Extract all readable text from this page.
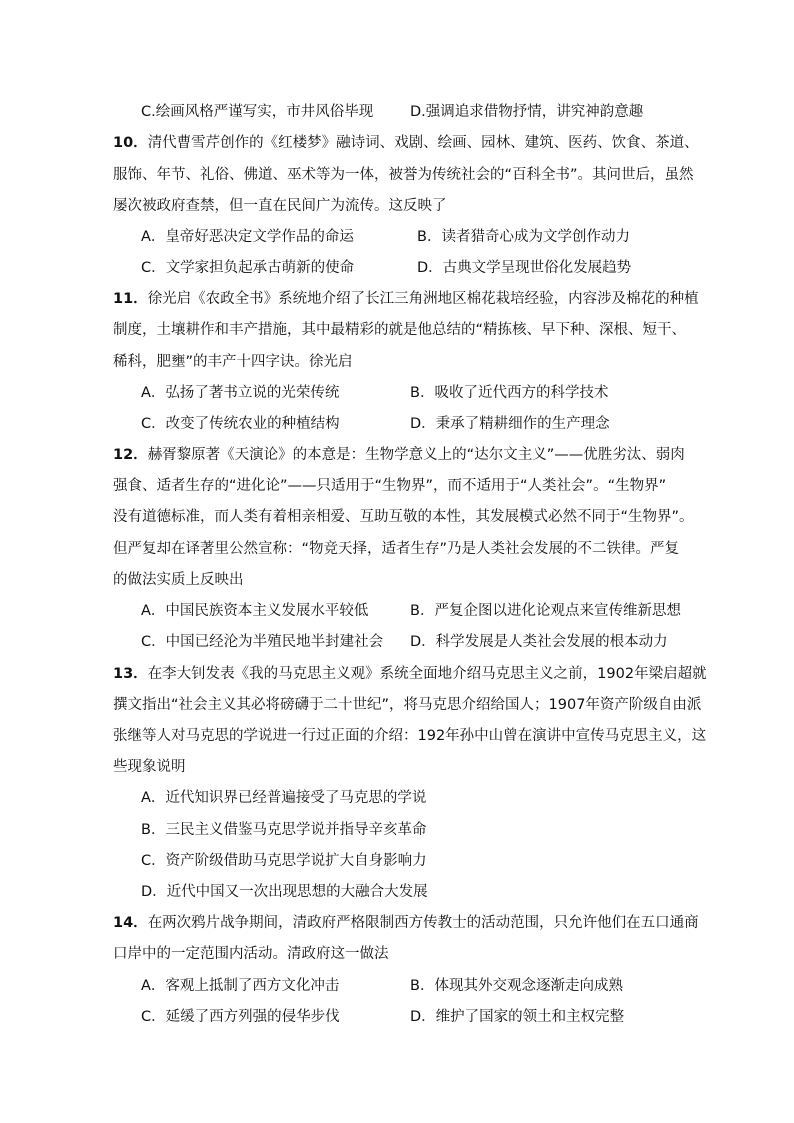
C.绘画风格严谨写实，市井风俗毕现	D.强调追求借物抒情，讲究神韵意趣
10．清代曹雪芹创作的《红楼梦》融诗词、戏剧、绘画、园林、建筑、医药、饮食、茶道、
服饰、年节、礼俗、佛道、巫术等为一体，被誉为传统社会的“百科全书”。其问世后，虽然
屡次被政府查禁，但一直在民间广为流传。这反映了
A．皇帝好恶决定文学作品的命运	B．读者猎奇心成为文学创作动力
C．文学家担负起承古萌新的使命	D．古典文学呈现世俗化发展趋势
11．徐光启《农政全书》系统地介绍了长江三角洲地区棉花栽培经验，内容涉及棉花的种植
制度，土壤耕作和丰产措施，其中最精彩的就是他总结的“精拣核、早下种、深根、短干、
稀科，肥壅”的丰产十四字诀。徐光启
A．弘扬了著书立说的光荣传统	B．吸收了近代西方的科学技术
C．改变了传统农业的种植结构	D．秉承了精耕细作的生产理念
12．赫胥黎原著《天演论》的本意是：生物学意义上的“达尔文主义”——优胜劣汰、弱肉
强食、适者生存的“进化论”——只适用于“生物界”，而不适用于“人类社会”。“生物界”
没有道德标准，而人类有着相亲相爱、互助互敬的本性，其发展模式必然不同于“生物界”。
但严复却在译著里公然宣称：“物竞天择，适者生存”乃是人类社会发展的不二铁律。严复
的做法实质上反映出
A．中国民族资本主义发展水平较低	B．严复企图以进化论观点来宣传维新思想
C．中国已经沦为半殖民地半封建社会 D．科学发展是人类社会发展的根本动力
13．在李大钊发表《我的马克思主义观》系统全面地介绍马克思主义之前，1902年梁启超就
撰文指出“社会主义其必将磅礴于二十世纪”，将马克思介绍给国人；1907年资产阶级自由派
张继等人对马克思的学说进一行过正面的介绍：192年孙中山曾在演讲中宣传马克思主义，这
些现象说明
A．近代知识界已经普遍接受了马克思的学说
B．三民主义借鉴马克思学说并指导辛亥革命
C．资产阶级借助马克思学说扩大自身影响力
D．近代中国又一次出现思想的大融合大发展
14．在两次鸦片战争期间，清政府严格限制西方传教士的活动范围，只允许他们在五口通商
口岸中的一定范围内活动。清政府这一做法
A．客观上抵制了西方文化冲击	B．体现其外交观念逐渐走向成熟
C．延缓了西方列强的侵华步伐	D．维护了国家的领土和主权完整
